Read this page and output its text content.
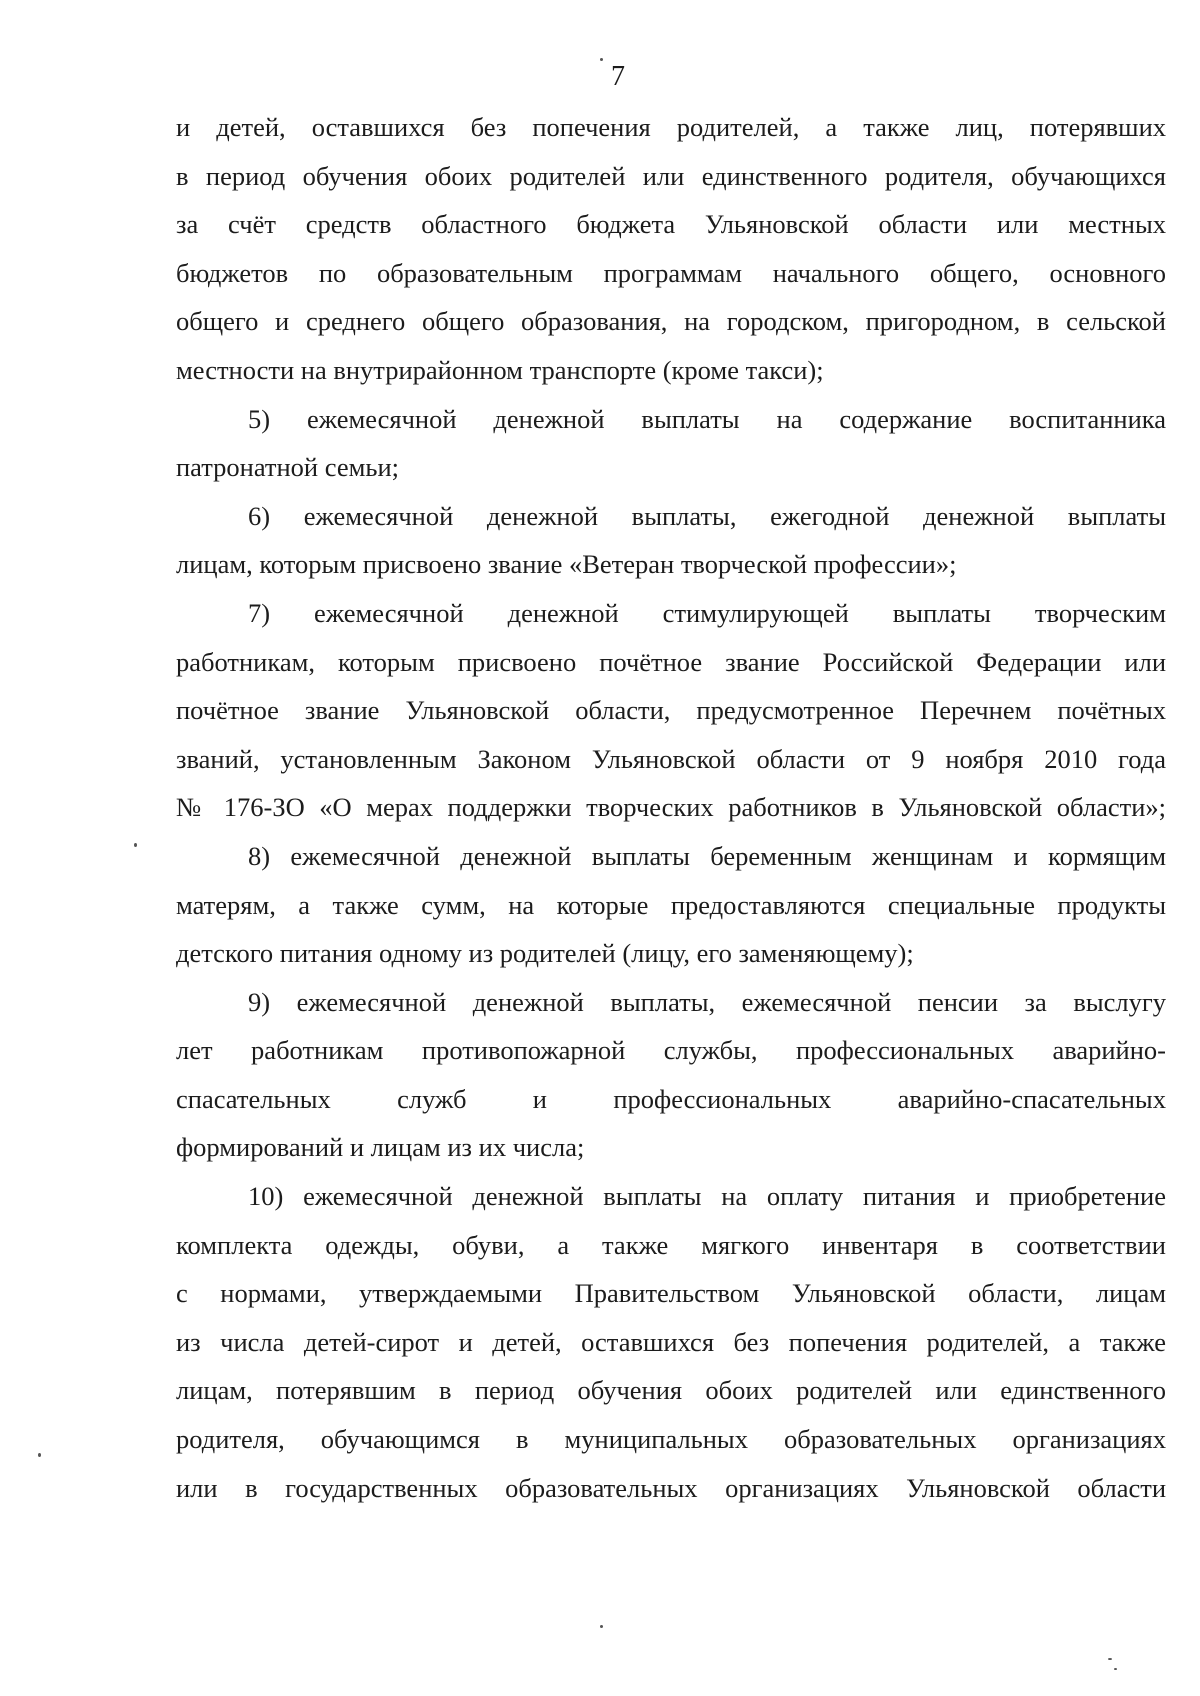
7
и детей, оставшихся без попечения родителей, а также лиц, потерявших
в период обучения обоих родителей или единственного родителя, обучающихся
за счёт средств областного бюджета Ульяновской области или местных
бюджетов по образовательным программам начального общего, основного
общего и среднего общего образования, на городском, пригородном, в сельской
местности на внутрирайонном транспорте (кроме такси);
5) ежемесячной денежной выплаты на содержание воспитанника
патронатной семьи;
6) ежемесячной денежной выплаты, ежегодной денежной выплаты
лицам, которым присвоено звание «Ветеран творческой профессии»;
7) ежемесячной денежной стимулирующей выплаты творческим
работникам, которым присвоено почётное звание Российской Федерации или
почётное звание Ульяновской области, предусмотренное Перечнем почётных
званий, установленным Законом Ульяновской области от 9 ноября 2010 года
№ 176-ЗО «О мерах поддержки творческих работников в Ульяновской области»;
8) ежемесячной денежной выплаты беременным женщинам и кормящим
матерям, а также сумм, на которые предоставляются специальные продукты
детского питания одному из родителей (лицу, его заменяющему);
9) ежемесячной денежной выплаты, ежемесячной пенсии за выслугу
лет работникам противопожарной службы, профессиональных аварийно-
спасательных служб и профессиональных аварийно-спасательных
формирований и лицам из их числа;
10) ежемесячной денежной выплаты на оплату питания и приобретение
комплекта одежды, обуви, а также мягкого инвентаря в соответствии
с нормами, утверждаемыми Правительством Ульяновской области, лицам
из числа детей-сирот и детей, оставшихся без попечения родителей, а также
лицам, потерявшим в период обучения обоих родителей или единственного
родителя, обучающимся в муниципальных образовательных организациях
или в государственных образовательных организациях Ульяновской области
